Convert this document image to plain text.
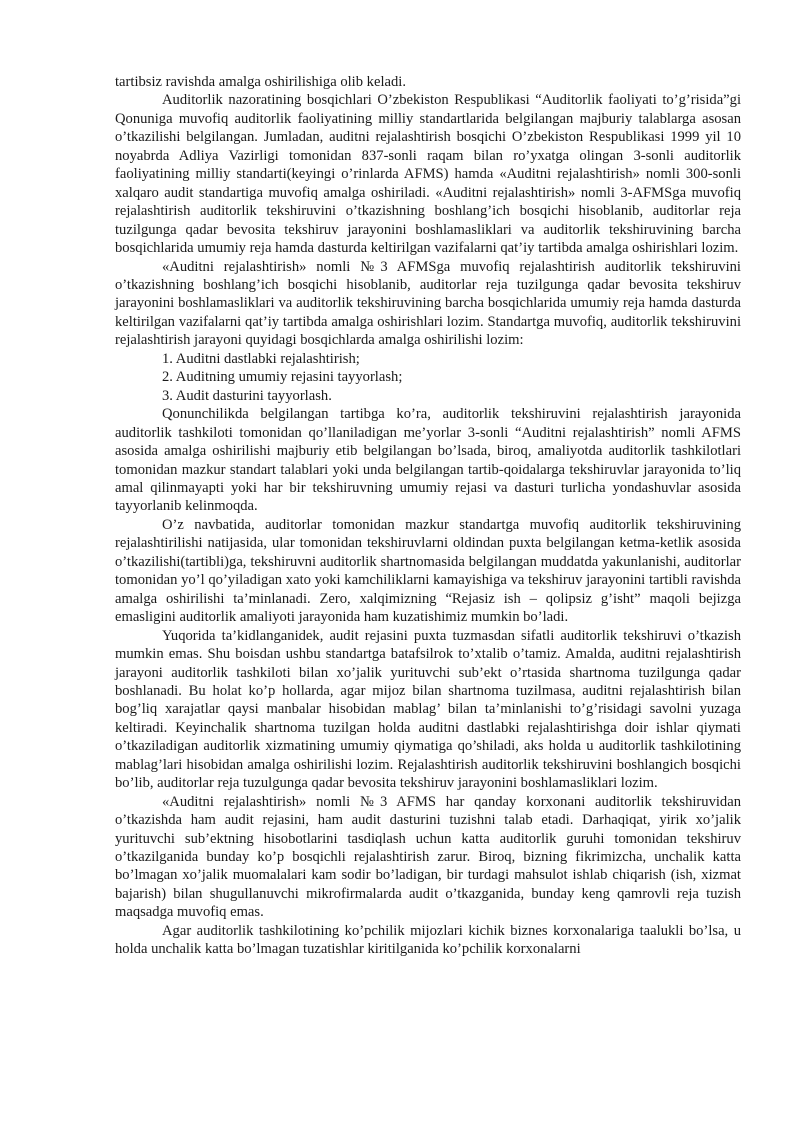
tartibsiz ravishda amalga oshirilishiga olib keladi.

Auditorlik nazoratining bosqichlari O’zbekiston Respublikasi “Auditorlik faoliyati to’g’risida”gi Qonuniga muvofiq auditorlik faoliyatining milliy standartlarida belgilangan majburiy talablarga asosan o’tkazilishi belgilangan. Jumladan, auditni rejalashtirish bosqichi O’zbekiston Respublikasi 1999 yil 10 noyabrda Adliya Vazirligi tomonidan 837-sonli raqam bilan ro’yxatga olingan 3-sonli auditorlik faoliyatining milliy standarti(keyingi o’rinlarda AFMS) hamda «Auditni rejalashtirish» nomli 300-sonli xalqaro audit standartiga muvofiq amalga oshiriladi. «Auditni rejalashtirish» nomli 3-AFMSga muvofiq rejalashtirish auditorlik tekshiruvini o’tkazishning boshlang’ich bosqichi hisoblanib, auditorlar reja tuzilgunga qadar bevosita tekshiruv jarayonini boshlamasliklari va auditorlik tekshiruvining barcha bosqichlarida umumiy reja hamda dasturda keltirilgan vazifalarni qat’iy tartibda amalga oshirishlari lozim.

«Auditni rejalashtirish» nomli №3 AFMSga muvofiq rejalashtirish auditorlik tekshiruvini o’tkazishning boshlang’ich bosqichi hisoblanib, auditorlar reja tuzilgunga qadar bevosita tekshiruv jarayonini boshlamasliklari va auditorlik tekshiruvining barcha bosqichlarida umumiy reja hamda dasturda keltirilgan vazifalarni qat’iy tartibda amalga oshirishlari lozim. Standartga muvofiq, auditorlik tekshiruvini rejalashtirish jarayoni quyidagi bosqichlarda amalga oshirilishi lozim:

1. Auditni dastlabki rejalashtirish;

2. Auditning umumiy rejasini tayyorlash;

3. Audit dasturini tayyorlash.

Qonunchilikda belgilangan tartibga ko’ra, auditorlik tekshiruvini rejalashtirish jarayonida auditorlik tashkiloti tomonidan qo’llaniladigan me’yorlar 3-sonli “Auditni rejalashtirish” nomli AFMS asosida amalga oshirilishi majburiy etib belgilangan bo’lsada, biroq, amaliyotda auditorlik tashkilotlari tomonidan mazkur standart talablari yoki unda belgilangan tartib-qoidalarga tekshiruvlar jarayonida to’liq amal qilinmayapti yoki har bir tekshiruvning umumiy rejasi va dasturi turlicha yondashuvlar asosida tayyorlanib kelinmoqda.

O’z navbatida, auditorlar tomonidan mazkur standartga muvofiq auditorlik tekshiruvining rejalashtirilishi natijasida, ular tomonidan tekshiruvlarni oldindan puxta belgilangan ketma-ketlik asosida o’tkazilishi(tartibli)ga, tekshiruvni auditorlik shartnomasida belgilangan muddatda yakunlanishi, auditorlar tomonidan yo’l qo’yiladigan xato yoki kamchiliklarni kamayishiga va tekshiruv jarayonini tartibli ravishda amalga oshirilishi ta’minlanadi. Zero, xalqimizning “Rejasiz ish – qolipsiz g’isht” maqoli bejizga emasligini auditorlik amaliyoti jarayonida ham kuzatishimiz mumkin bo’ladi.

Yuqorida ta’kidlanganidek, audit rejasini puxta tuzmasdan sifatli auditorlik tekshiruvi o’tkazish mumkin emas. Shu boisdan ushbu standartga batafsilrok to’xtalib o’tamiz. Amalda, auditni rejalashtirish jarayoni auditorlik tashkiloti bilan xo’jalik yurituvchi sub’ekt o’rtasida shartnoma tuzilgunga qadar boshlanadi. Bu holat ko’p hollarda, agar mijoz bilan shartnoma tuzilmasa, auditni rejalashtirish bilan bog’liq xarajatlar qaysi manbalar hisobidan mablag’ bilan ta’minlanishi to’g’risidagi savolni yuzaga keltiradi. Keyinchalik shartnoma tuzilgan holda auditni dastlabki rejalashtirishga doir ishlar qiymati o’tkaziladigan auditorlik xizmatining umumiy qiymatiga qo’shiladi, aks holda u auditorlik tashkilotining mablag’lari hisobidan amalga oshirilishi lozim. Rejalashtirish auditorlik tekshiruvini boshlangich bosqichi bo’lib, auditorlar reja tuzulgunga qadar bevosita tekshiruv jarayonini boshlamasliklari lozim.

«Auditni rejalashtirish» nomli №3 AFMS har qanday korxonani auditorlik tekshiruvidan o’tkazishda ham audit rejasini, ham audit dasturini tuzishni talab etadi. Darhaqiqat, yirik xo’jalik yurituvchi sub’ektning hisobotlarini tasdiqlash uchun katta auditorlik guruhi tomonidan tekshiruv o’tkazilganida bunday ko’p bosqichli rejalashtirish zarur. Biroq, bizning fikrimizcha, unchalik katta bo’lmagan xo’jalik muomalalari kam sodir bo’ladigan, bir turdagi mahsulot ishlab chiqarish (ish, xizmat bajarish) bilan shugullanuvchi mikrofirmalarda audit o’tkazganida, bunday keng qamrovli reja tuzish maqsadga muvofiq emas.

Agar auditorlik tashkilotining ko’pchilik mijozlari kichik biznes korxonalariga taalukli bo’lsa, u holda unchalik katta bo’lmagan tuzatishlar kiritilganida ko’pchilik korxonalarni
